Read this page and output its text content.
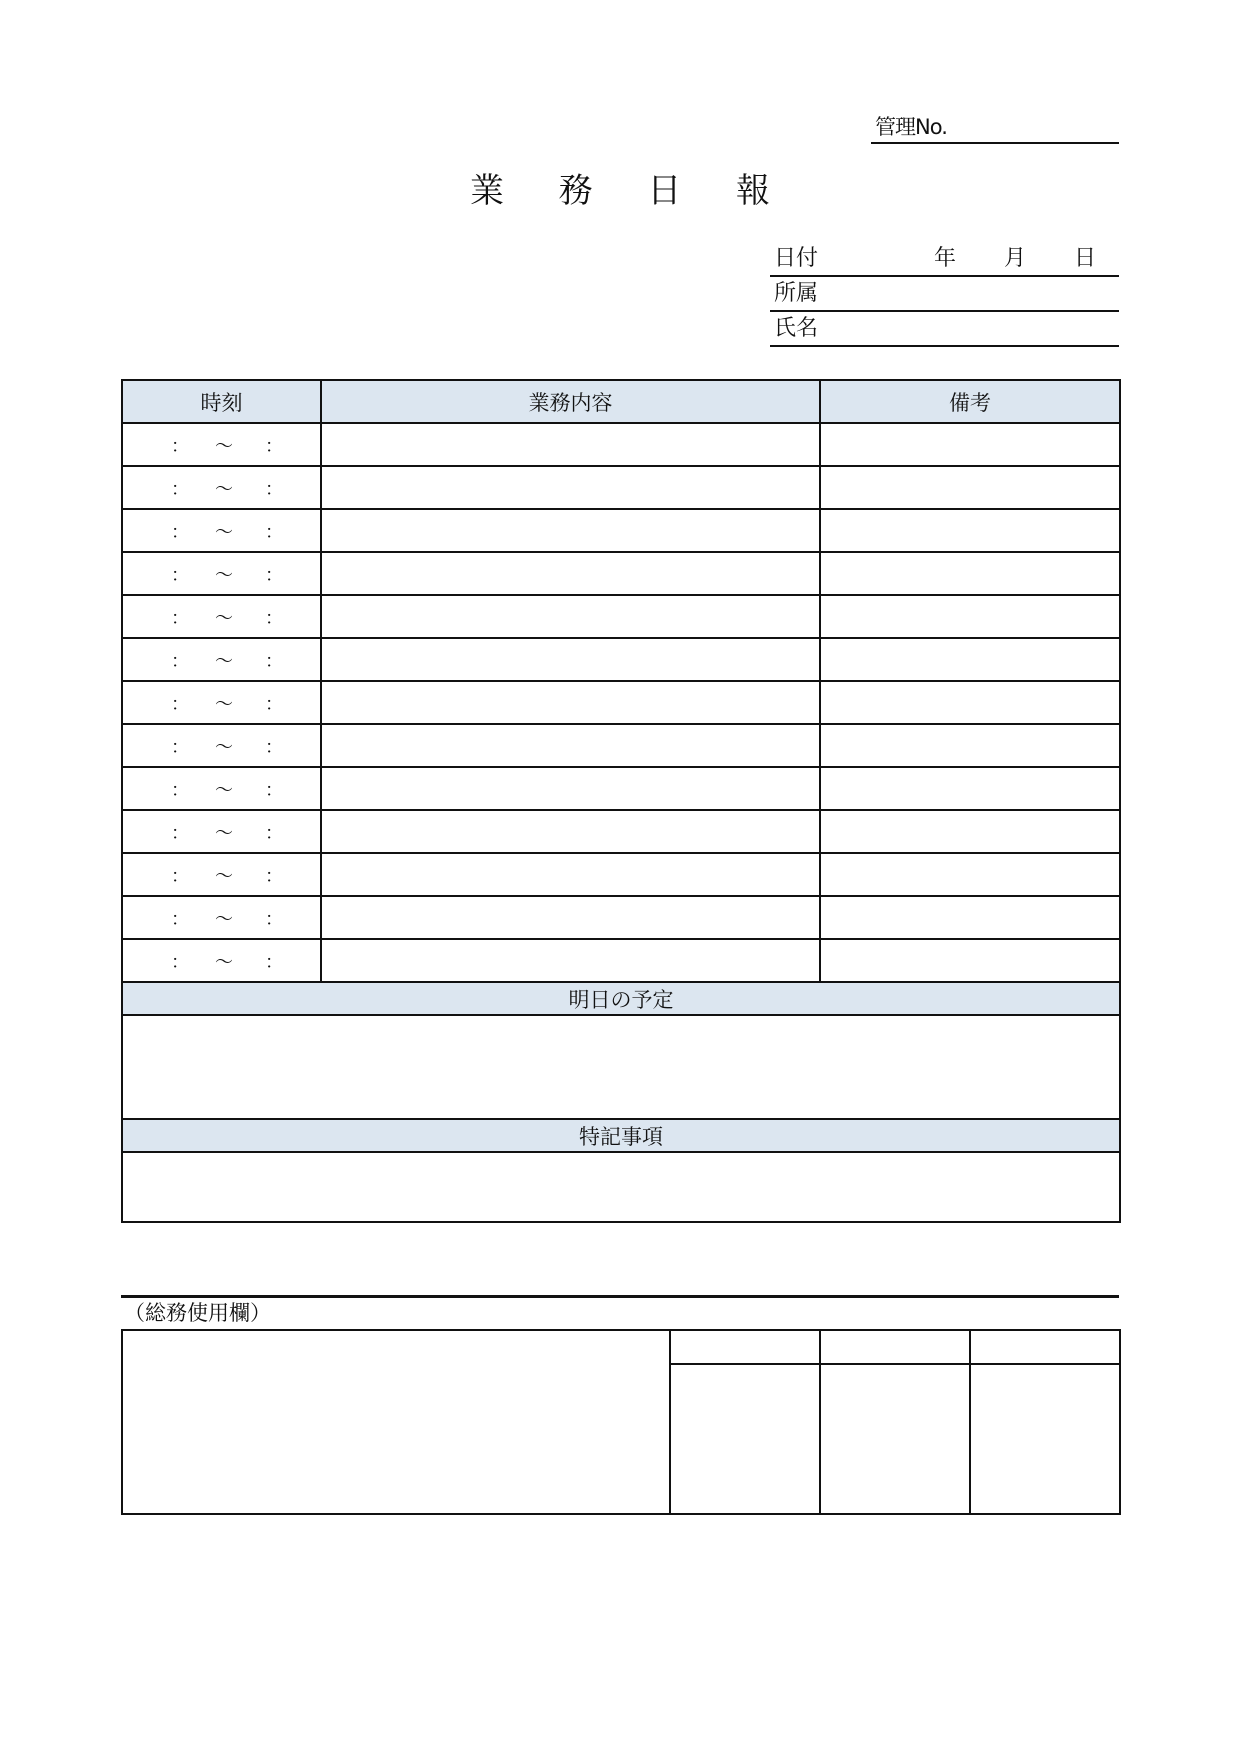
管理No.
業 務 日 報
日付	年 月 日
所属
氏名
時刻	業務内容	備考

： ～ ：		

： ～ ：		

： ～ ：		

： ～ ：		

： ～ ：		

： ～ ：		

： ～ ：		

： ～ ：		

： ～ ：		

： ～ ：		

： ～ ：		

： ～ ：		

： ～ ：		

明日の予定		

特記事項		

（総務使用欄）
